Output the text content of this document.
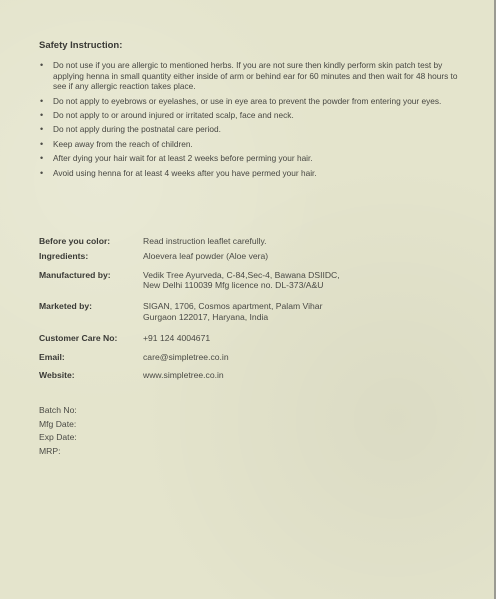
Safety Instruction:
• Do not use if you are allergic to mentioned herbs. If you are not sure then kindly perform skin patch test by applying henna in small quantity either inside of arm or behind ear for 60 minutes and then wait for 48 hours to see if any allergic reaction takes place.
• Do not apply to eyebrows or eyelashes, or use in eye area to prevent the powder from entering your eyes.
• Do not apply to or around injured or irritated scalp, face and neck.
• Do not apply during the postnatal care period.
• Keep away from the reach of children.
• After dying your hair wait for at least 2 weeks before perming your hair.
• Avoid using henna for at least 4 weeks after you have permed your hair.
Before you color:	Read instruction leaflet carefully.
Ingredients:	Aloevera leaf powder (Aloe vera)
Manufactured by:	Vedik Tree Ayurveda, C-84,Sec-4, Bawana DSIIDC,
New Delhi 110039 Mfg licence no. DL-373/A&U
Marketed by:	SIGAN, 1706, Cosmos apartment, Palam Vihar
Gurgaon 122017, Haryana, India
Customer Care No:	+91 124 4004671
Email:	care@simpletree.co.in
Website:	www.simpletree.co.in
Batch No:
Mfg Date:
Exp Date:
MRP:
